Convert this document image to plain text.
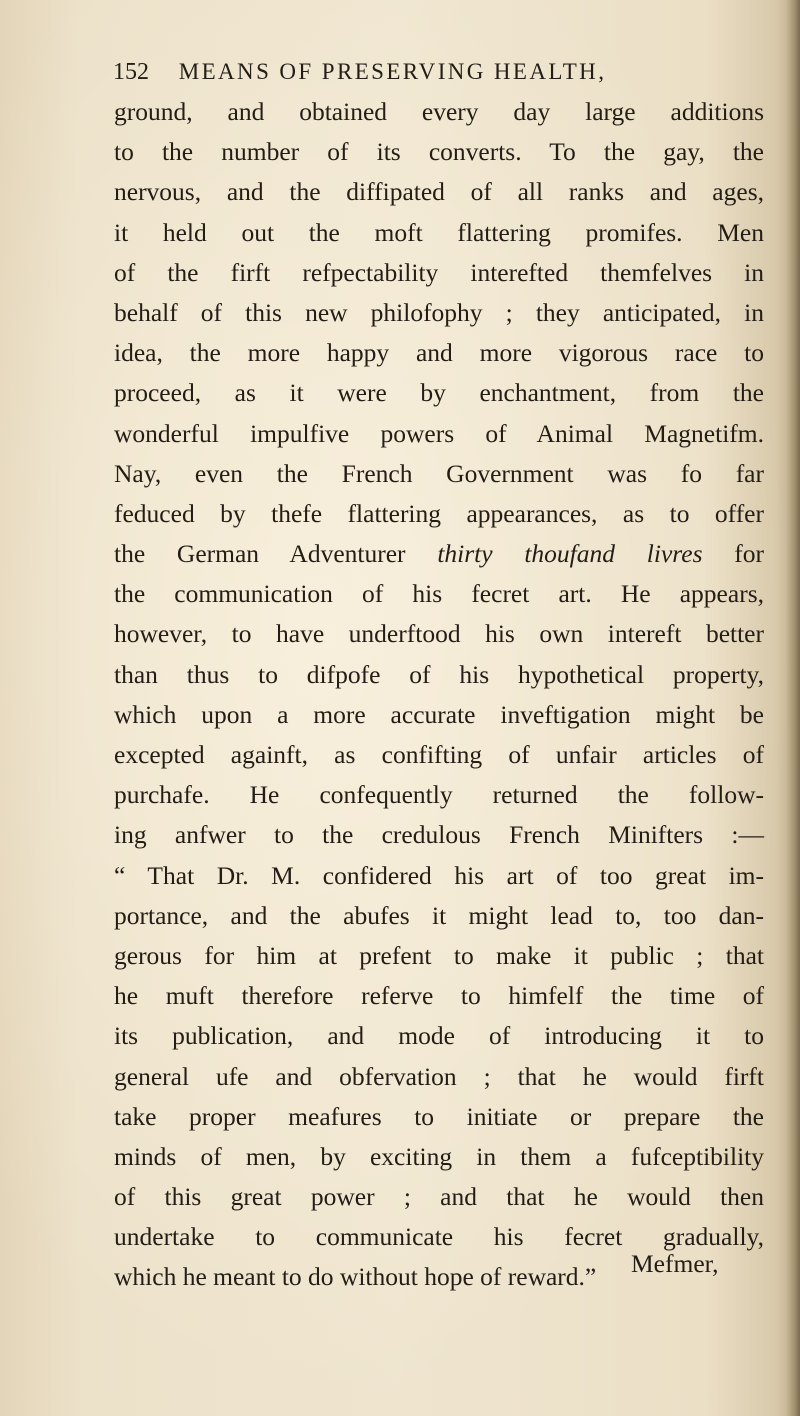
152 MEANS OF PRESERVING HEALTH,
ground, and obtained every day large additions
to the number of its converts. To the gay, the
nervous, and the diffipated of all ranks and ages,
it held out the moft flattering promifes. Men
of the firft refpectability interefted themfelves in
behalf of this new philofophy ; they anticipated, in
idea, the more happy and more vigorous race to
proceed, as it were by enchantment, from the
wonderful impulfive powers of Animal Magnetifm.
Nay, even the French Government was fo far
feduced by thefe flattering appearances, as to offer
the German Adventurer thirty thoufand livres for
the communication of his fecret art. He appears,
however, to have underftood his own intereft better
than thus to difpofe of his hypothetical property,
which upon a more accurate inveftigation might be
excepted againft, as confifting of unfair articles of
purchafe. He confequently returned the follow-
ing anfwer to the credulous French Minifters :—
“ That Dr. M. confidered his art of too great im-
portance, and the abufes it might lead to, too dan-
gerous for him at prefent to make it public ; that
he muft therefore referve to himfelf the time of
its publication, and mode of introducing it to
general ufe and obfervation ; that he would firft
take proper meafures to initiate or prepare the
minds of men, by exciting in them a fufceptibility
of this great power ; and that he would then
undertake to communicate his fecret gradually,
which he meant to do without hope of reward.”	Mefmer,
